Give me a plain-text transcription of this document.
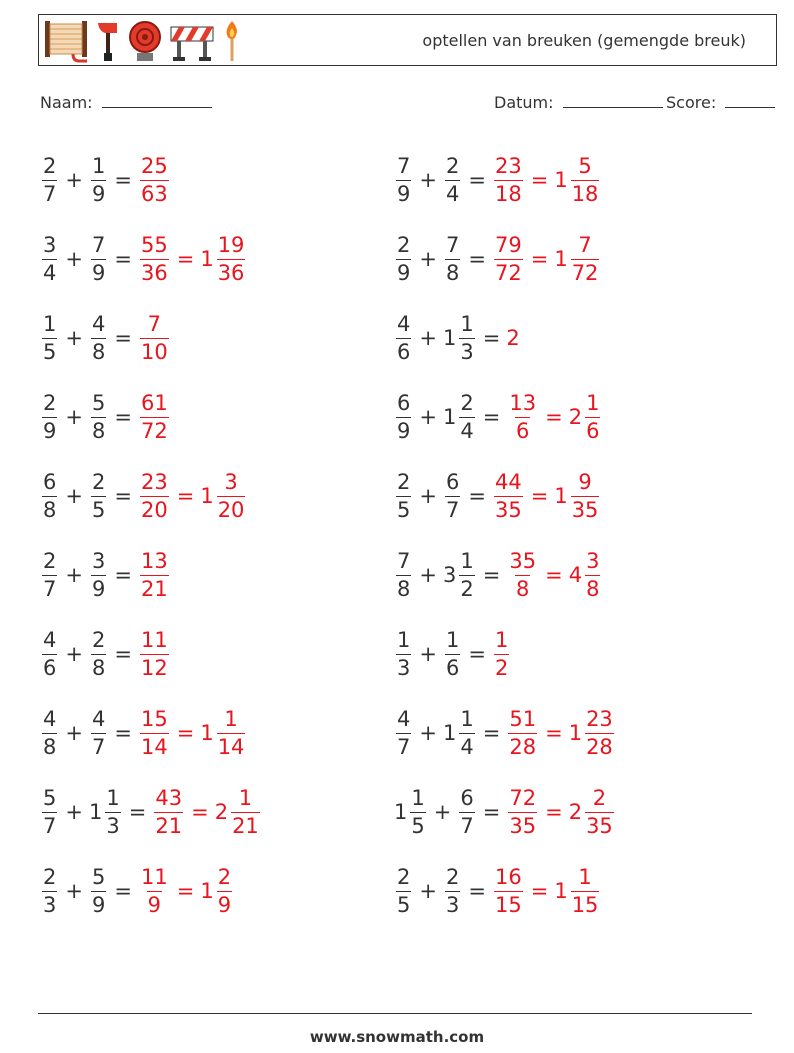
optellen van breuken (gemengde breuk)
Naam:	Datum:	Score:
$\frac{2}{7} + \frac{1}{9} = \frac{25}{63}$	$\frac{7}{9} + \frac{2}{4} = \frac{23}{18} = 1 \frac{5}{18}$
$\frac{3}{4} + \frac{7}{9} = \frac{55}{36} = 1 \frac{19}{36}$	$\frac{2}{9} + \frac{7}{8} = \frac{79}{72} = 1 \frac{7}{72}$
$\frac{1}{5} + \frac{4}{8} = \frac{7}{10}$	$\frac{4}{6} + 1 \frac{1}{3} = 2$
$\frac{2}{9} + \frac{5}{8} = \frac{61}{72}$	$\frac{6}{9} + 1 \frac{2}{4} = \frac{13}{6} = 2 \frac{1}{6}$
$\frac{6}{8} + \frac{2}{5} = \frac{23}{20} = 1 \frac{3}{20}$	$\frac{2}{5} + \frac{6}{7} = \frac{44}{35} = 1 \frac{9}{35}$
$\frac{2}{7} + \frac{3}{9} = \frac{13}{21}$	$\frac{7}{8} + 3 \frac{1}{2} = \frac{35}{8} = 4 \frac{3}{8}$
$\frac{4}{6} + \frac{2}{8} = \frac{11}{12}$	$\frac{1}{3} + \frac{1}{6} = \frac{1}{2}$
$\frac{4}{8} + \frac{4}{7} = \frac{15}{14} = 1 \frac{1}{14}$	$\frac{4}{7} + 1 \frac{1}{4} = \frac{51}{28} = 1 \frac{23}{28}$
$\frac{5}{7} + 1 \frac{1}{3} = \frac{43}{21} = 2 \frac{1}{21}$	$1 \frac{1}{5} + \frac{6}{7} = \frac{72}{35} = 2 \frac{2}{35}$
$\frac{2}{3} + \frac{5}{9} = \frac{11}{9} = 1 \frac{2}{9}$	$\frac{2}{5} + \frac{2}{3} = \frac{16}{15} = 1 \frac{1}{15}$
www.snowmath.com
